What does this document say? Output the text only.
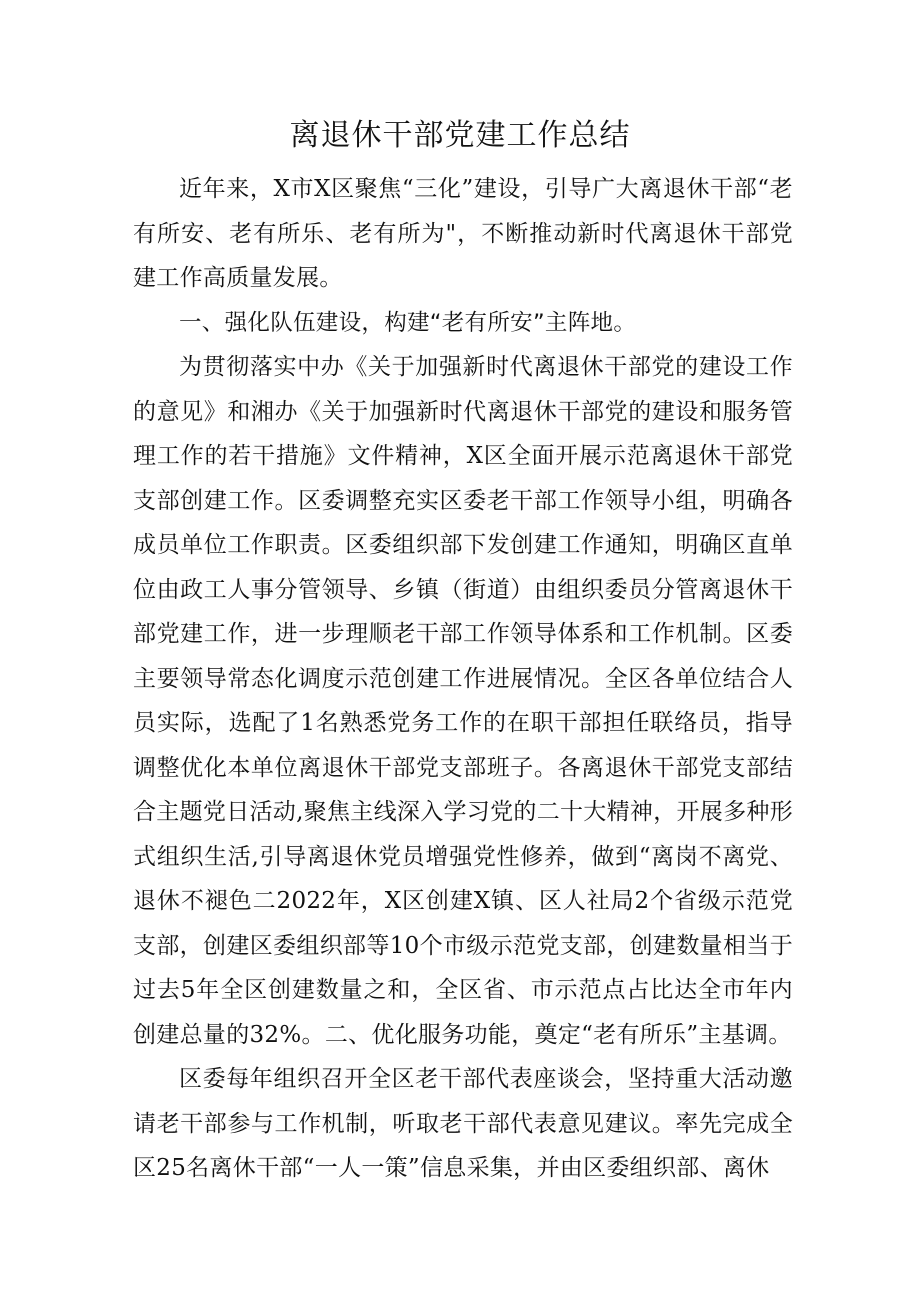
离退休干部党建工作总结

近年来，X市X区聚焦“三化”建设，引导广大离退休干部“老有所安、老有所乐、老有所为"，不断推动新时代离退休干部党建工作高质量发展。

一、强化队伍建设，构建“老有所安”主阵地。

为贯彻落实中办《关于加强新时代离退休干部党的建设工作的意见》和湘办《关于加强新时代离退休干部党的建设和服务管理工作的若干措施》文件精神，X区全面开展示范离退休干部党支部创建工作。区委调整充实区委老干部工作领导小组，明确各成员单位工作职责。区委组织部下发创建工作通知，明确区直单位由政工人事分管领导、乡镇（街道）由组织委员分管离退休干部党建工作，进一步理顺老干部工作领导体系和工作机制。区委主要领导常态化调度示范创建工作进展情况。全区各单位结合人员实际，选配了1名熟悉党务工作的在职干部担任联络员，指导调整优化本单位离退休干部党支部班子。各离退休干部党支部结合主题党日活动,聚焦主线深入学习党的二十大精神，开展多种形式组织生活,引导离退休党员增强党性修养，做到“离岗不离党、退休不褪色二2022年，X区创建X镇、区人社局2个省级示范党支部，创建区委组织部等10个市级示范党支部，创建数量相当于过去5年全区创建数量之和，全区省、市示范点占比达全市年内创建总量的32%。二、优化服务功能，奠定“老有所乐”主基调。

区委每年组织召开全区老干部代表座谈会，坚持重大活动邀请老干部参与工作机制，听取老干部代表意见建议。率先完成全区25名离休干部“一人一策”信息采集，并由区委组织部、离休
